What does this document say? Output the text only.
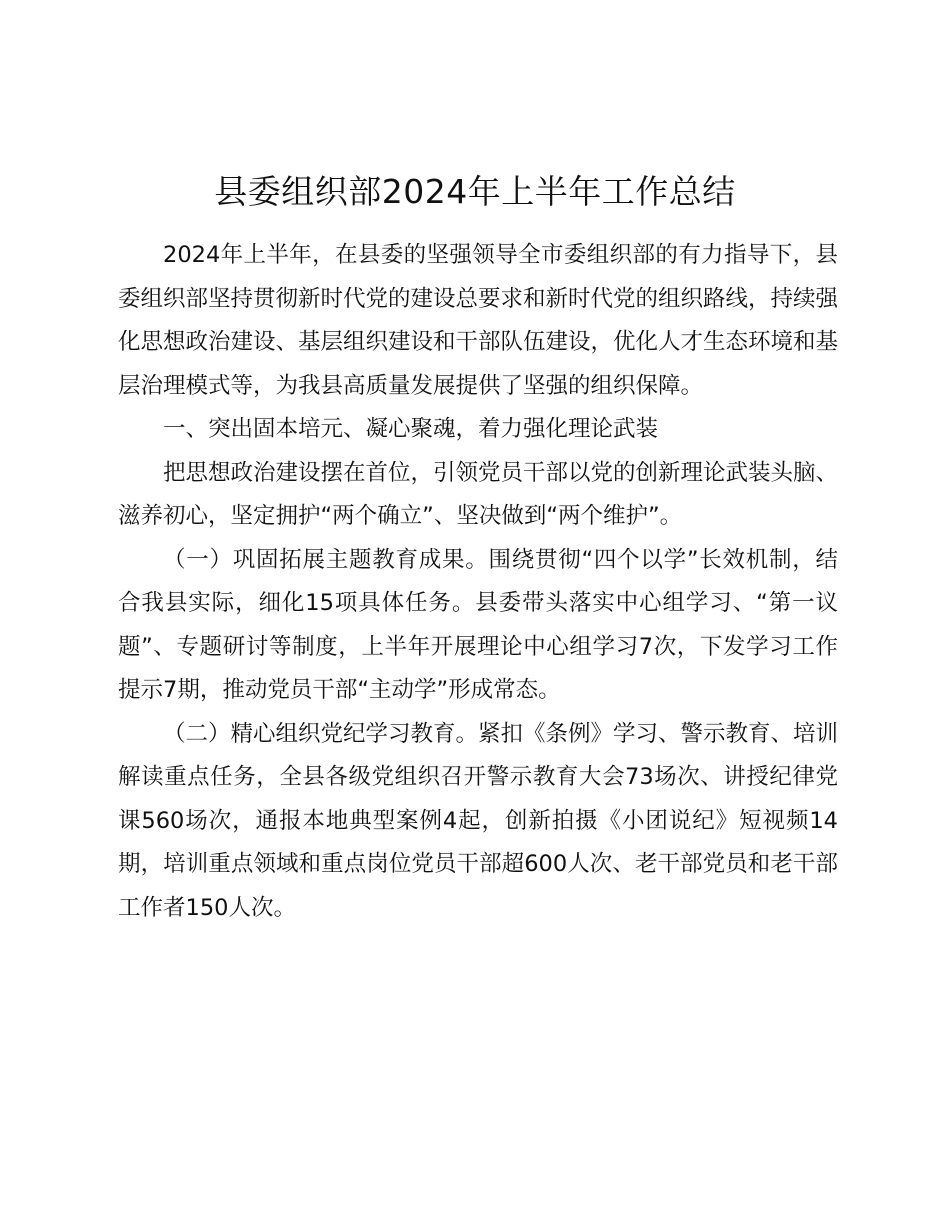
县委组织部2024年上半年工作总结

2024年上半年，在县委的坚强领导全市委组织部的有力指导下，县委组织部坚持贯彻新时代党的建设总要求和新时代党的组织路线，持续强化思想政治建设、基层组织建设和干部队伍建设，优化人才生态环境和基层治理模式等，为我县高质量发展提供了坚强的组织保障。

一、突出固本培元、凝心聚魂，着力强化理论武装

把思想政治建设摆在首位，引领党员干部以党的创新理论武装头脑、滋养初心，坚定拥护“两个确立”、坚决做到“两个维护”。

（一）巩固拓展主题教育成果。围绕贯彻“四个以学”长效机制，结合我县实际，细化15项具体任务。县委带头落实中心组学习、“第一议题”、专题研讨等制度，上半年开展理论中心组学习7次，下发学习工作提示7期，推动党员干部“主动学”形成常态。

（二）精心组织党纪学习教育。紧扣《条例》学习、警示教育、培训解读重点任务，全县各级党组织召开警示教育大会73场次、讲授纪律党课560场次，通报本地典型案例4起，创新拍摄《小团说纪》短视频14期，培训重点领域和重点岗位党员干部超600人次、老干部党员和老干部工作者150人次。
